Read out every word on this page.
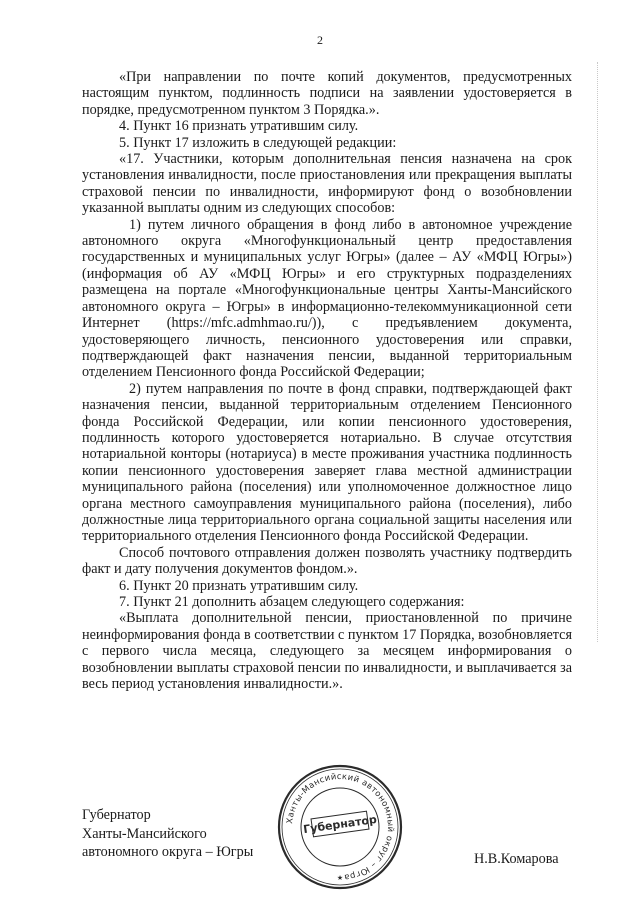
2

«При направлении по почте копий документов, предусмотренных настоящим пунктом, подлинность подписи на заявлении удостоверяется в порядке, предусмотренном пунктом 3 Порядка.».

4. Пункт 16 признать утратившим силу.

5. Пункт 17 изложить в следующей редакции:

«17. Участники, которым дополнительная пенсия назначена на срок установления инвалидности, после приостановления или прекращения выплаты страховой пенсии по инвалидности, информируют фонд о возобновлении указанной выплаты одним из следующих способов:

1) путем личного обращения в фонд либо в автономное учреждение автономного округа «Многофункциональный центр предоставления государственных и муниципальных услуг Югры» (далее – АУ «МФЦ Югры») (информация об АУ «МФЦ Югры» и его структурных подразделениях размещена на портале «Многофункциональные центры Ханты-Мансийского автономного округа – Югры» в информационно-телекоммуникационной сети Интернет (https://mfc.admhmao.ru/)), с предъявлением документа, удостоверяющего личность, пенсионного удостоверения или справки, подтверждающей факт назначения пенсии, выданной территориальным отделением Пенсионного фонда Российской Федерации;

2) путем направления по почте в фонд справки, подтверждающей факт назначения пенсии, выданной территориальным отделением Пенсионного фонда Российской Федерации, или копии пенсионного удостоверения, подлинность которого удостоверяется нотариально. В случае отсутствия нотариальной конторы (нотариуса) в месте проживания участника подлинность копии пенсионного удостоверения заверяет глава местной администрации муниципального района (поселения) или уполномоченное должностное лицо органа местного самоуправления муниципального района (поселения), либо должностные лица территориального органа социальной защиты населения или территориального отделения Пенсионного фонда Российской Федерации.

Способ почтового отправления должен позволять участнику подтвердить факт и дату получения документов фондом.».

6. Пункт 20 признать утратившим силу.

7. Пункт 21 дополнить абзацем следующего содержания:

«Выплата дополнительной пенсии, приостановленной по причине неинформирования фонда в соответствии с пунктом 17 Порядка, возобновляется с первого числа месяца, следующего за месяцем информирования о возобновлении выплаты страховой пенсии по инвалидности, и выплачивается за весь период установления инвалидности.».

Губернатор
Ханты-Мансийского
автономного округа – Югры	Н.В.Комарова
Ханты-Мансийский автономный округ – Югра
Губернатор
★
